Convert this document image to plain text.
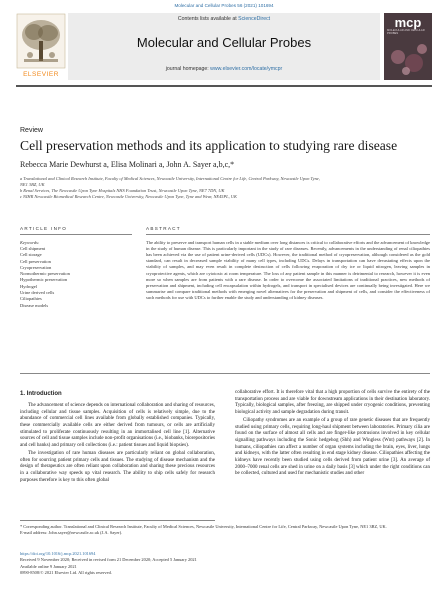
Molecular and Cellular Probes 56 (2021) 101694
ELSEVIER
Contents lists available at ScienceDirect
Molecular and Cellular Probes
journal homepage: www.elsevier.com/locate/ymcpr
mcp
MOLECULAR AND CELLULAR PROBES
Review
Cell preservation methods and its application to studying rare disease
Rebecca Marie Dewhurst a, Elisa Molinari a, John A. Sayer a,b,c,*
a Translational and Clinical Research Institute, Faculty of Medical Sciences, Newcastle University, International Centre for Life, Central Parkway, Newcastle Upon Tyne,
NE1 3BZ, UK
b Renal Services, The Newcastle Upon Tyne Hospitals NHS Foundation Trust, Newcastle Upon Tyne, NE7 7DN, UK
c NIHR Newcastle Biomedical Research Centre, Newcastle University, Newcastle Upon Tyne, Tyne and Wear, NE45PL, UK
ARTICLE INFO	ABSTRACT
Keywords:
Cell shipment
Cell storage
Cell preservation
Cryopreservation
Normothermic preservation
Hypothermic preservation
Hydrogel
Urine derived cells
Ciliopathies
Disease models
The ability to preserve and transport human cells in a stable medium over long distances is critical to collaborative efforts and the advancement of knowledge in the study of human disease. This is particularly important in the study of rare diseases. Recently, advancements in the understanding of renal ciliopathies has been achieved via the use of patient urine-derived cells (UDCs). However, the traditional method of cryopreservation, although considered as the gold standard, can result in decreased sample viability of many cell types, including UDCs. Delays in transportation can have devastating effects upon the viability of samples, and may even result in complete destruction of cells following evaporation of dry ice or liquid nitrogen, leaving samples in cryoprotective agents, which are cytotoxic at room temperature. The loss of any patient sample in this manner is detrimental to research, however it is even more so when samples are from patients with a rare disease. In order to overcome the associated limitations of traditional practices, new methods of preservation and shipment, including cell encapsulation within hydrogels, and transport in specialised devices are continually being investigated. Here we summarise and compare traditional methods with emerging novel alternatives for the preservation and shipment of cells, and consider the effectiveness of such methods for use with UDCs to further enable the study and understanding of kidney diseases.
1. Introduction

The advancement of science depends on international collaboration and sharing of resources, including cellular and tissue samples. Acquisition of cells is relatively simple, due to the abundance of commercial cell lines available from globally established companies. Typically, these commercially available cells are either derived from tumours, or cells are artificially stimulated to proliferate continuously resulting in an immortalised cell line [1]. Alternative sources of cell and tissue samples include non-profit organisations (i.e., biobanks, biorepositories and cell banks) and primary cell collections (i.e.: patient tissues and liquid biopsies).

The investigation of rare human diseases are particularly reliant on global collaboration, often for sourcing patient primary cells and tissues. The studying of disease mechanism and the design of therapeutics are often reliant upon collaboration and sharing these precious resources in a collaborative way speeds up vital research. The ability to ship cells safely for research purposes therefore is key to this often global

collaborative effort. It is therefore vital that a high proportion of cells survive the entirety of the transportation process and are viable for downstream applications in their destination laboratory. Typically, biological samples, after freezing, are shipped under cryogenic conditions, preventing biological activity and sample degradation during transit.

Ciliopathy syndromes are an example of a group of rare genetic diseases that are frequently studied using primary cells, requiring long-haul shipment between laboratories. Primary cilia are found on the surface of almost all cells and are finger-like protrusions involved in key cellular signalling pathways including the Sonic hedgehog (Shh) and Wingless (Wnt) pathways [2]. In humans, ciliopathies can affect a number of organ systems including the brain, eyes, liver, lungs and kidneys, with the latter often resulting in end stage kidney disease. Ciliopathies affecting the kidneys have recently been studied using cells derived from patient urine [3]. An average of 2000–7000 renal cells are shed in urine on a daily basis [3] which under the right conditions can be collected, cultured and used for mechanistic studies and other

* Corresponding author. Translational and Clinical Research Institute, Faculty of Medical Sciences, Newcastle University, International Centre for Life, Central Parkway, Newcastle Upon Tyne, NE1 3BZ, UK.
E-mail address: John.sayer@newcastle.ac.uk (J.A. Sayer).
https://doi.org/10.1016/j.mcp.2021.101694
Received 9 November 2020; Received in revised form 21 December 2020; Accepted 5 January 2021
Available online 9 January 2021
0890-8508/© 2021 Elsevier Ltd. All rights reserved.
